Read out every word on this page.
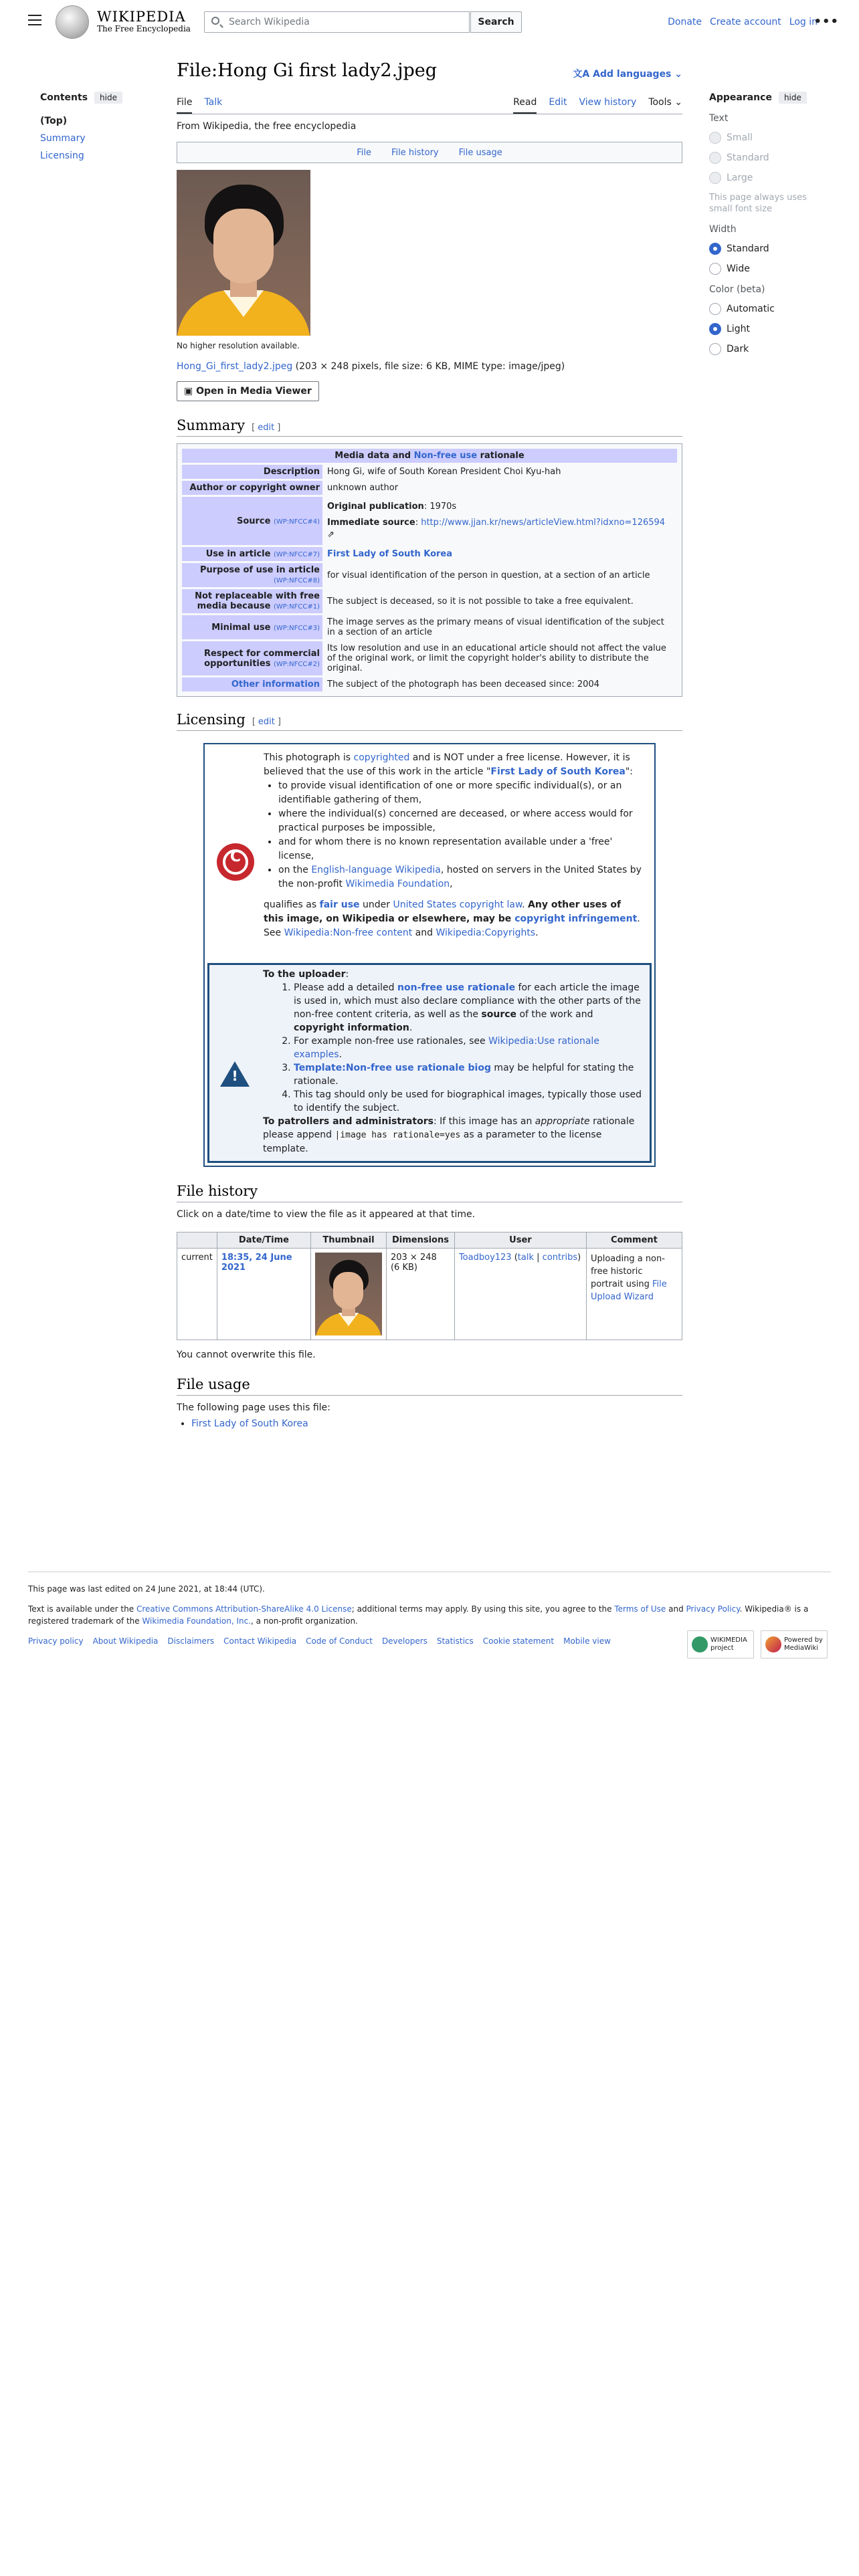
WIKIPEDIA
The Free Encyclopedia
Search Wikipedia	Search	Donate Create account Log in
•••
Contents hide
(Top)
Summary
Licensing
File:Hong Gi first lady2.jpeg	文A Add languages ⌄
File Talk	Read Edit View history Tools ⌄
From Wikipedia, the free encyclopedia
File File history File usage
No higher resolution available.
Hong_Gi_first_lady2.jpeg (203 × 248 pixels, file size: 6 KB, MIME type: image/jpeg)
▣ Open in Media Viewer
Summary [ edit ]
Media data and Non-free use rationale	
Description	Hong Gi, wife of South Korean President Choi Kyu-hah
Author or copyright owner	unknown author
Source (WP:NFCC#4)	Original publication: 1970s
Immediate source: http://www.jjan.kr/news/articleView.html?idxno=126594 ⇗

Use in article (WP:NFCC#7)	First Lady of South Korea
Purpose of use in article (WP:NFCC#8)	for visual identification of the person in question, at a section of an article
Not replaceable with free media because (WP:NFCC#1)	The subject is deceased, so it is not possible to take a free equivalent.
Minimal use (WP:NFCC#3)	The image serves as the primary means of visual identification of the subject in a section of an article
Respect for commercial opportunities (WP:NFCC#2)	Its low resolution and use in an educational article should not affect the value of the original work, or limit the copyright holder's ability to distribute the original.
Other information	The subject of the photograph has been deceased since: 2004
Licensing [ edit ]
C
This photograph is copyrighted and is NOT under a free license. However, it is believed that the use of this work in the article "First Lady of South Korea":
• to provide visual identification of one or more specific individual(s), or an identifiable gathering of them,
• where the individual(s) concerned are deceased, or where access would for practical purposes be impossible,
• and for whom there is no known representation available under a 'free' license,
• on the English-language Wikipedia, hosted on servers in the United States by the non-profit Wikimedia Foundation,
qualifies as fair use under United States copyright law. Any other uses of this image, on Wikipedia or elsewhere, may be copyright infringement. See Wikipedia:Non-free content and Wikipedia:Copyrights.
!
To the uploader:
1. Please add a detailed non-free use rationale for each article the image is used in, which must also declare compliance with the other parts of the non-free content criteria, as well as the source of the work and copyright information.
2. For example non-free use rationales, see Wikipedia:Use rationale examples.
3. Template:Non-free use rationale biog may be helpful for stating the rationale.
4. This tag should only be used for biographical images, typically those used to identify the subject.
To patrollers and administrators: If this image has an appropriate rationale please append |image has rationale=yes as a parameter to the license template.
File history
Click on a date/time to view the file as it appeared at that time.
	Date/Time	Thumbnail	Dimensions	User	Comment
current	18:35, 24 June 2021		203 × 248
(6 KB)	Toadboy123 (talk | contribs)	Uploading a non-free historic portrait using File Upload Wizard
You cannot overwrite this file.
File usage
The following page uses this file:
• First Lady of South Korea
Appearance hide
Text
Small
Standard
Large
This page always uses small font size
Width
Standard
Wide
Color (beta)
Automatic
Light
Dark
This page was last edited on 24 June 2021, at 18:44 (UTC).
Text is available under the Creative Commons Attribution-ShareAlike 4.0 License; additional terms may apply. By using this site, you agree to the Terms of Use and Privacy Policy. Wikipedia® is a registered trademark of the Wikimedia Foundation, Inc., a non-profit organization.
Privacy policy About Wikipedia Disclaimers Contact Wikipedia Code of Conduct Developers Statistics Cookie statement Mobile view	WIKIMEDIA
project
Powered by
MediaWiki
